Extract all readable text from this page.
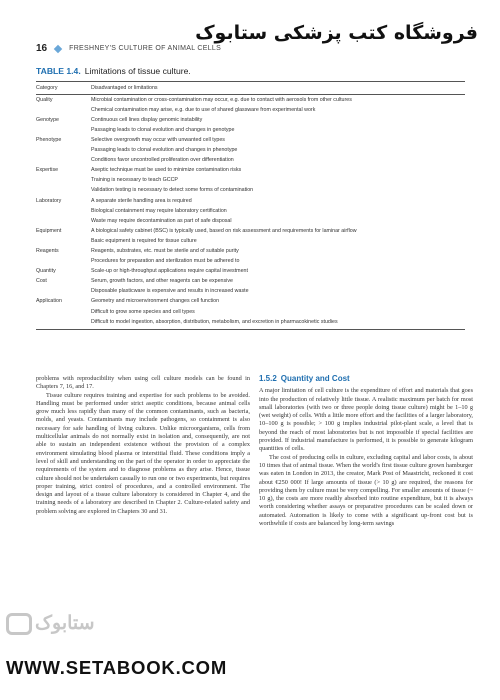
فروشگاه کتب پزشکی ستابوک
16	FRESHNEY'S CULTURE OF ANIMAL CELLS
TABLE 1.4. Limitations of tissue culture.
Category	Disadvantaged or limitations
Quality	Microbial contamination or cross-contamination may occur, e.g. due to contact with aerosols from other cultures
	Chemical contamination may arise, e.g. due to use of shared glassware from experimental work
Genotype	Continuous cell lines display genomic instability
	Passaging leads to clonal evolution and changes in genotype
Phenotype	Selective overgrowth may occur with unwanted cell types
	Passaging leads to clonal evolution and changes in phenotype
	Conditions favor uncontrolled proliferation over differentiation
Expertise	Aseptic technique must be used to minimize contamination risks
	Training is necessary to teach GCCP
	Validation testing is necessary to detect some forms of contamination
Laboratory	A separate sterile handling area is required
	Biological containment may require laboratory certification
	Waste may require decontamination as part of safe disposal
Equipment	A biological safety cabinet (BSC) is typically used, based on risk assessment and requirements for laminar airflow
	Basic equipment is required for tissue culture
Reagents	Reagents, substrates, etc. must be sterile and of suitable purity
	Procedures for preparation and sterilization must be adhered to
Quantity	Scale-up or high-throughput applications require capital investment
Cost	Serum, growth factors, and other reagents can be expensive
	Disposable plasticware is expensive and results in increased waste
Application	Geometry and microenvironment changes cell function
	Difficult to grow some species and cell types
	Difficult to model ingestion, absorption, distribution, metabolism, and excretion in pharmacokinetic studies

problems with reproducibility when using cell culture models can be found in Chapters 7, 16, and 17.

Tissue culture requires training and expertise for such problems to be avoided. Handling must be performed under strict aseptic conditions, because animal cells grow much less rapidly than many of the common contaminants, such as bacteria, molds, and yeasts. Contaminants may include pathogens, so containment is also necessary for safe handling of living cultures. Unlike microorganisms, cells from multicellular animals do not normally exist in isolation and, consequently, are not able to sustain an independent existence without the provision of a complex environment simulating blood plasma or interstitial fluid. These conditions imply a level of skill and understanding on the part of the operator in order to appreciate the requirements of the system and to diagnose problems as they arise. Hence, tissue culture should not be undertaken casually to run one or two experiments, but requires proper training, strict control of procedures, and a controlled environment. The design and layout of a tissue culture laboratory is considered in Chapter 4, and the training needs of a laboratory are described in Chapter 2. Culture-related safety and problem solving are explored in Chapters 30 and 31.

1.5.2 Quantity and Cost

A major limitation of cell culture is the expenditure of effort and materials that goes into the production of relatively little tissue. A realistic maximum per batch for most small laboratories (with two or three people doing tissue culture) might be 1–10 g (wet weight) of cells. With a little more effort and the facilities of a larger laboratory, 10–100 g is possible; > 100 g implies industrial pilot-plant scale, a level that is beyond the reach of most laboratories but is not impossible if special facilities are provided. If industrial manufacture is performed, it is possible to generate kilogram quantities of cells.

The cost of producing cells in culture, excluding capital and labor costs, is about 10 times that of animal tissue. When the world's first tissue culture grown hamburger was eaten in London in 2013, the creator, Mark Post of Maastricht, reckoned it cost about €250 000! If large amounts of tissue (> 10 g) are required, the reasons for providing them by culture must be very compelling. For smaller amounts of tissue (~ 10 g), the costs are more readily absorbed into routine expenditure, but it is always worth considering whether assays or preparative procedures can be scaled down or automated. Automation is likely to come with a significant up-front cost but is worthwhile if costs are balanced by long-term savings

ستابوک
WWW.SETABOOK.COM
